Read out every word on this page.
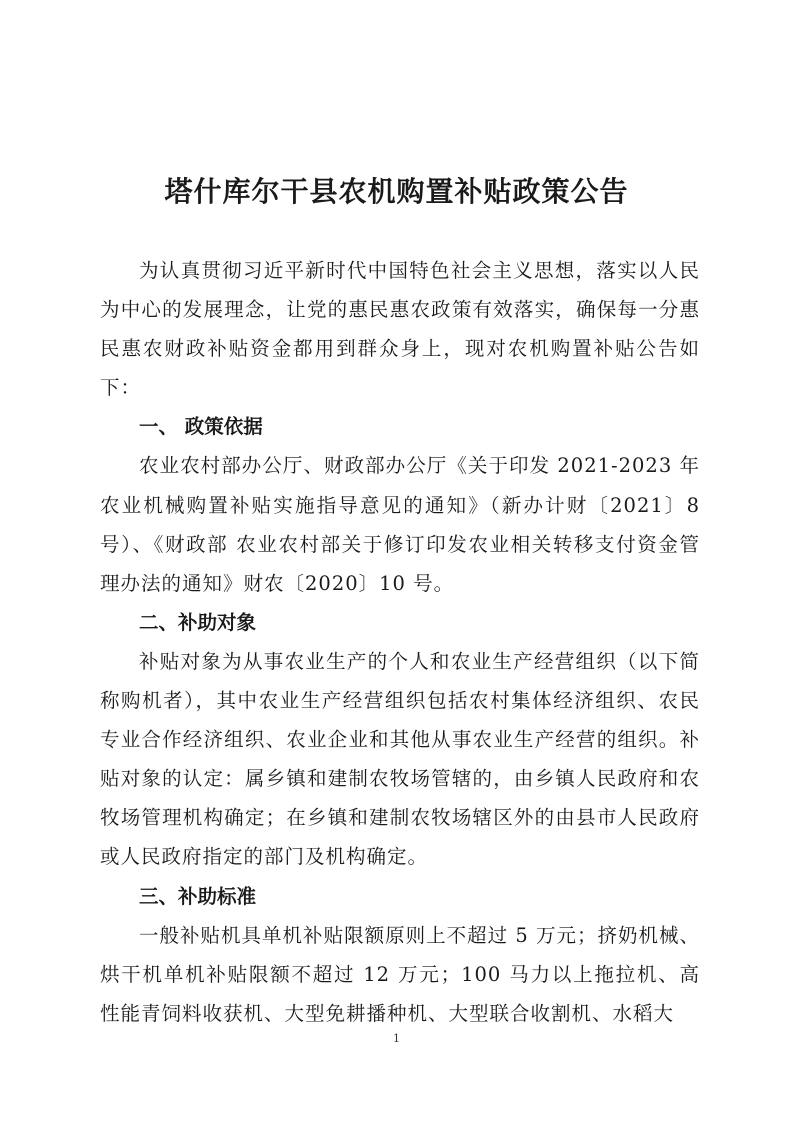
塔什库尔干县农机购置补贴政策公告

为认真贯彻习近平新时代中国特色社会主义思想，落实以人民为中心的发展理念，让党的惠民惠农政策有效落实，确保每一分惠民惠农财政补贴资金都用到群众身上，现对农机购置补贴公告如下：

一、 政策依据

农业农村部办公厅、财政部办公厅《关于印发 2021-2023 年农业机械购置补贴实施指导意见的通知》（新办计财〔2021〕8 号）、《财政部 农业农村部关于修订印发农业相关转移支付资金管理办法的通知》财农〔2020〕10 号。

二、补助对象

补贴对象为从事农业生产的个人和农业生产经营组织（以下简称购机者），其中农业生产经营组织包括农村集体经济组织、农民专业合作经济组织、农业企业和其他从事农业生产经营的组织。补贴对象的认定：属乡镇和建制农牧场管辖的，由乡镇人民政府和农牧场管理机构确定；在乡镇和建制农牧场辖区外的由县市人民政府或人民政府指定的部门及机构确定。

三、补助标准

一般补贴机具单机补贴限额原则上不超过 5 万元；挤奶机械、烘干机单机补贴限额不超过 12 万元；100 马力以上拖拉机、高性能青饲料收获机、大型免耕播种机、大型联合收割机、水稻大

1
